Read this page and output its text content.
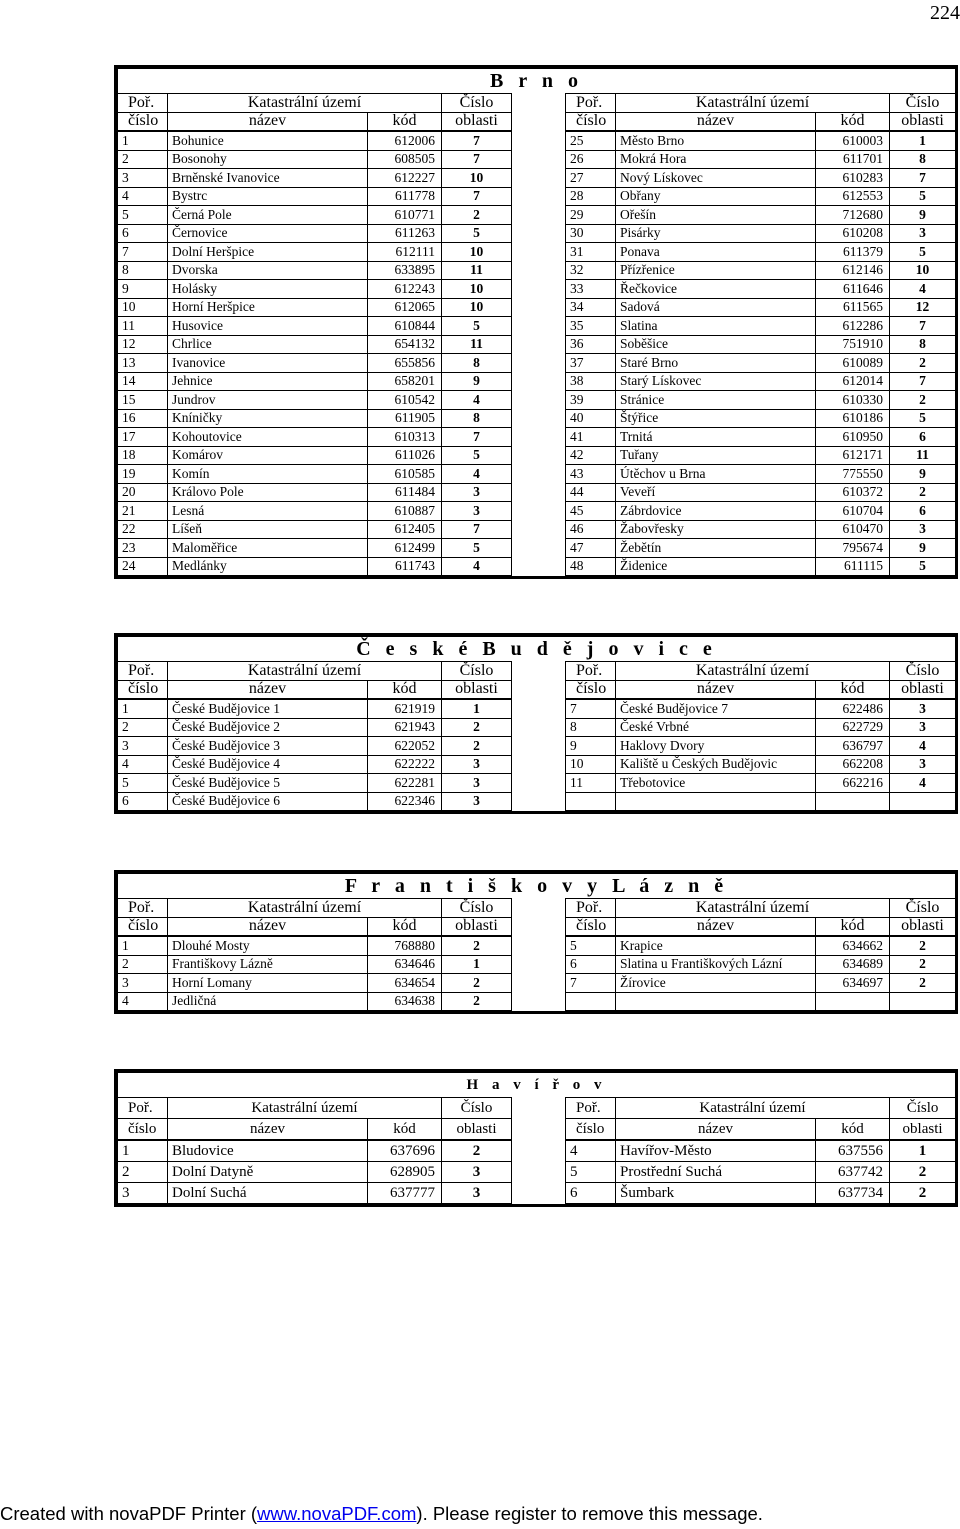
224
B r n o								
Poř.	Katastrální území		Číslo		Poř.	Katastrální území		Číslo
číslo	název	kód	oblasti		číslo	název	kód	oblasti
1	Bohunice	612006	7		25	Město Brno	610003	1
2	Bosonohy	608505	7		26	Mokrá Hora	611701	8
3	Brněnské Ivanovice	612227	10		27	Nový Lískovec	610283	7
4	Bystrc	611778	7		28	Obřany	612553	5
5	Černá Pole	610771	2		29	Ořešín	712680	9
6	Černovice	611263	5		30	Pisárky	610208	3
7	Dolní Heršpice	612111	10		31	Ponava	611379	5
8	Dvorska	633895	11		32	Přízřenice	612146	10
9	Holásky	612243	10		33	Řečkovice	611646	4
10	Horní Heršpice	612065	10		34	Sadová	611565	12
11	Husovice	610844	5		35	Slatina	612286	7
12	Chrlice	654132	11		36	Soběšice	751910	8
13	Ivanovice	655856	8		37	Staré Brno	610089	2
14	Jehnice	658201	9		38	Starý Lískovec	612014	7
15	Jundrov	610542	4		39	Stránice	610330	2
16	Kníničky	611905	8		40	Štýřice	610186	5
17	Kohoutovice	610313	7		41	Trnitá	610950	6
18	Komárov	611026	5		42	Tuřany	612171	11
19	Komín	610585	4		43	Útěchov u Brna	775550	9
20	Královo Pole	611484	3		44	Veveří	610372	2
21	Lesná	610887	3		45	Zábrdovice	610704	6
22	Líšeň	612405	7		46	Žabovřesky	610470	3
23	Maloměřice	612499	5		47	Žebětín	795674	9
24	Medlánky	611743	4		48	Židenice	611115	5
Č e s k é B u d ě j o v i c e								
Poř.	Katastrální území		Číslo		Poř.	Katastrální území		Číslo
číslo	název	kód	oblasti		číslo	název	kód	oblasti
1	České Budějovice 1	621919	1		7	České Budějovice 7	622486	3
2	České Budějovice 2	621943	2		8	České Vrbné	622729	3
3	České Budějovice 3	622052	2		9	Haklovy Dvory	636797	4
4	České Budějovice 4	622222	3		10	Kaliště u Českých Budějovic	662208	3
5	České Budějovice 5	622281	3		11	Třebotovice	662216	4
6	České Budějovice 6	622346	3					
F r a n t i š k o v y L á z n ě								
Poř.	Katastrální území		Číslo		Poř.	Katastrální území		Číslo
číslo	název	kód	oblasti		číslo	název	kód	oblasti
1	Dlouhé Mosty	768880	2		5	Krapice	634662	2
2	Františkovy Lázně	634646	1		6	Slatina u Františkových Lázní	634689	2
3	Horní Lomany	634654	2		7	Žírovice	634697	2
4	Jedličná	634638	2					
H a v í ř o v								
Poř.	Katastrální území		Číslo		Poř.	Katastrální území		Číslo
číslo	název	kód	oblasti		číslo	název	kód	oblasti
1	Bludovice	637696	2		4	Havířov-Město	637556	1
2	Dolní Datyně	628905	3		5	Prostřední Suchá	637742	2
3	Dolní Suchá	637777	3		6	Šumbark	637734	2
Created with novaPDF Printer (www.novaPDF.com). Please register to remove this message.
